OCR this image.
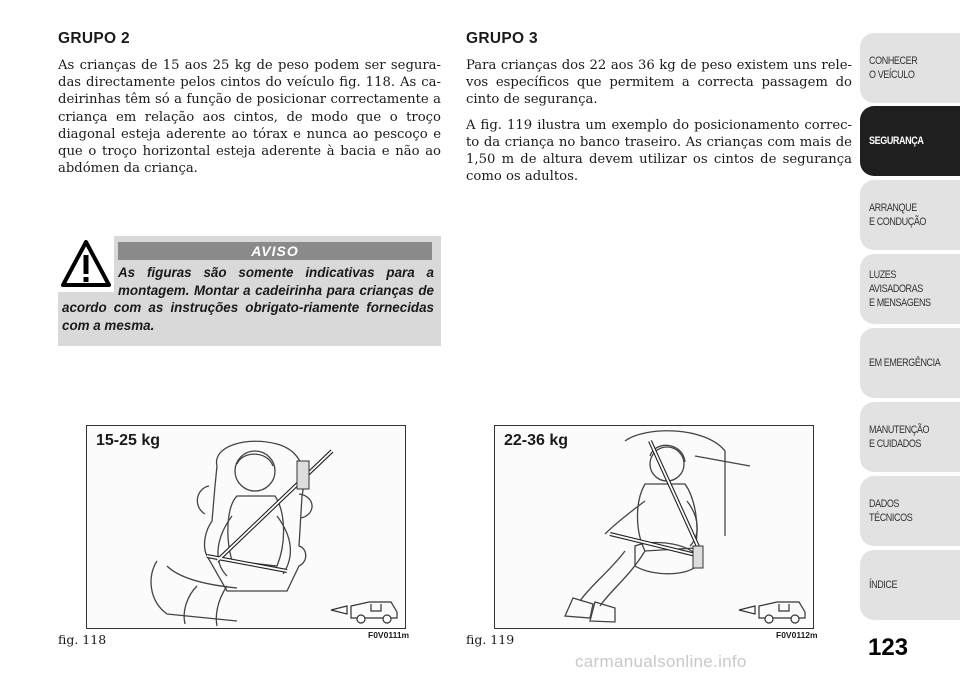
GRUPO 2

As crianças de 15 aos 25 kg de peso podem ser segura-das directamente pelos cintos do veículo fig. 118. As ca-deirinhas têm só a função de posicionar correctamente a criança em relação aos cintos, de modo que o troço diagonal esteja aderente ao tórax e nunca ao pescoço e que o troço horizontal esteja aderente à bacia e não ao abdómen da criança.

GRUPO 3

Para crianças dos 22 aos 36 kg de peso existem uns rele-vos específicos que permitem a correcta passagem do cinto de segurança.

A fig. 119 ilustra um exemplo do posicionamento correc-to da criança no banco traseiro. As crianças com mais de 1,50 m de altura devem utilizar os cintos de segurança como os adultos.

AVISO
As figuras são somente indicativas para a montagem. Montar a cadeirinha para crianças de acordo com as instruções obrigato-riamente fornecidas com a mesma.
15-25 kg
fig. 118	F0V0111m
22-36 kg
fig. 119	F0V0112m
CONHECER
O VEÍCULO
SEGURANÇA
ARRANQUE
E CONDUÇÃO
LUZES AVISADORAS
E MENSAGENS
EM EMERGÊNCIA
MANUTENÇÃO
E CUIDADOS
DADOS TÉCNICOS
ÍNDICE
123
carmanualsonline.info
